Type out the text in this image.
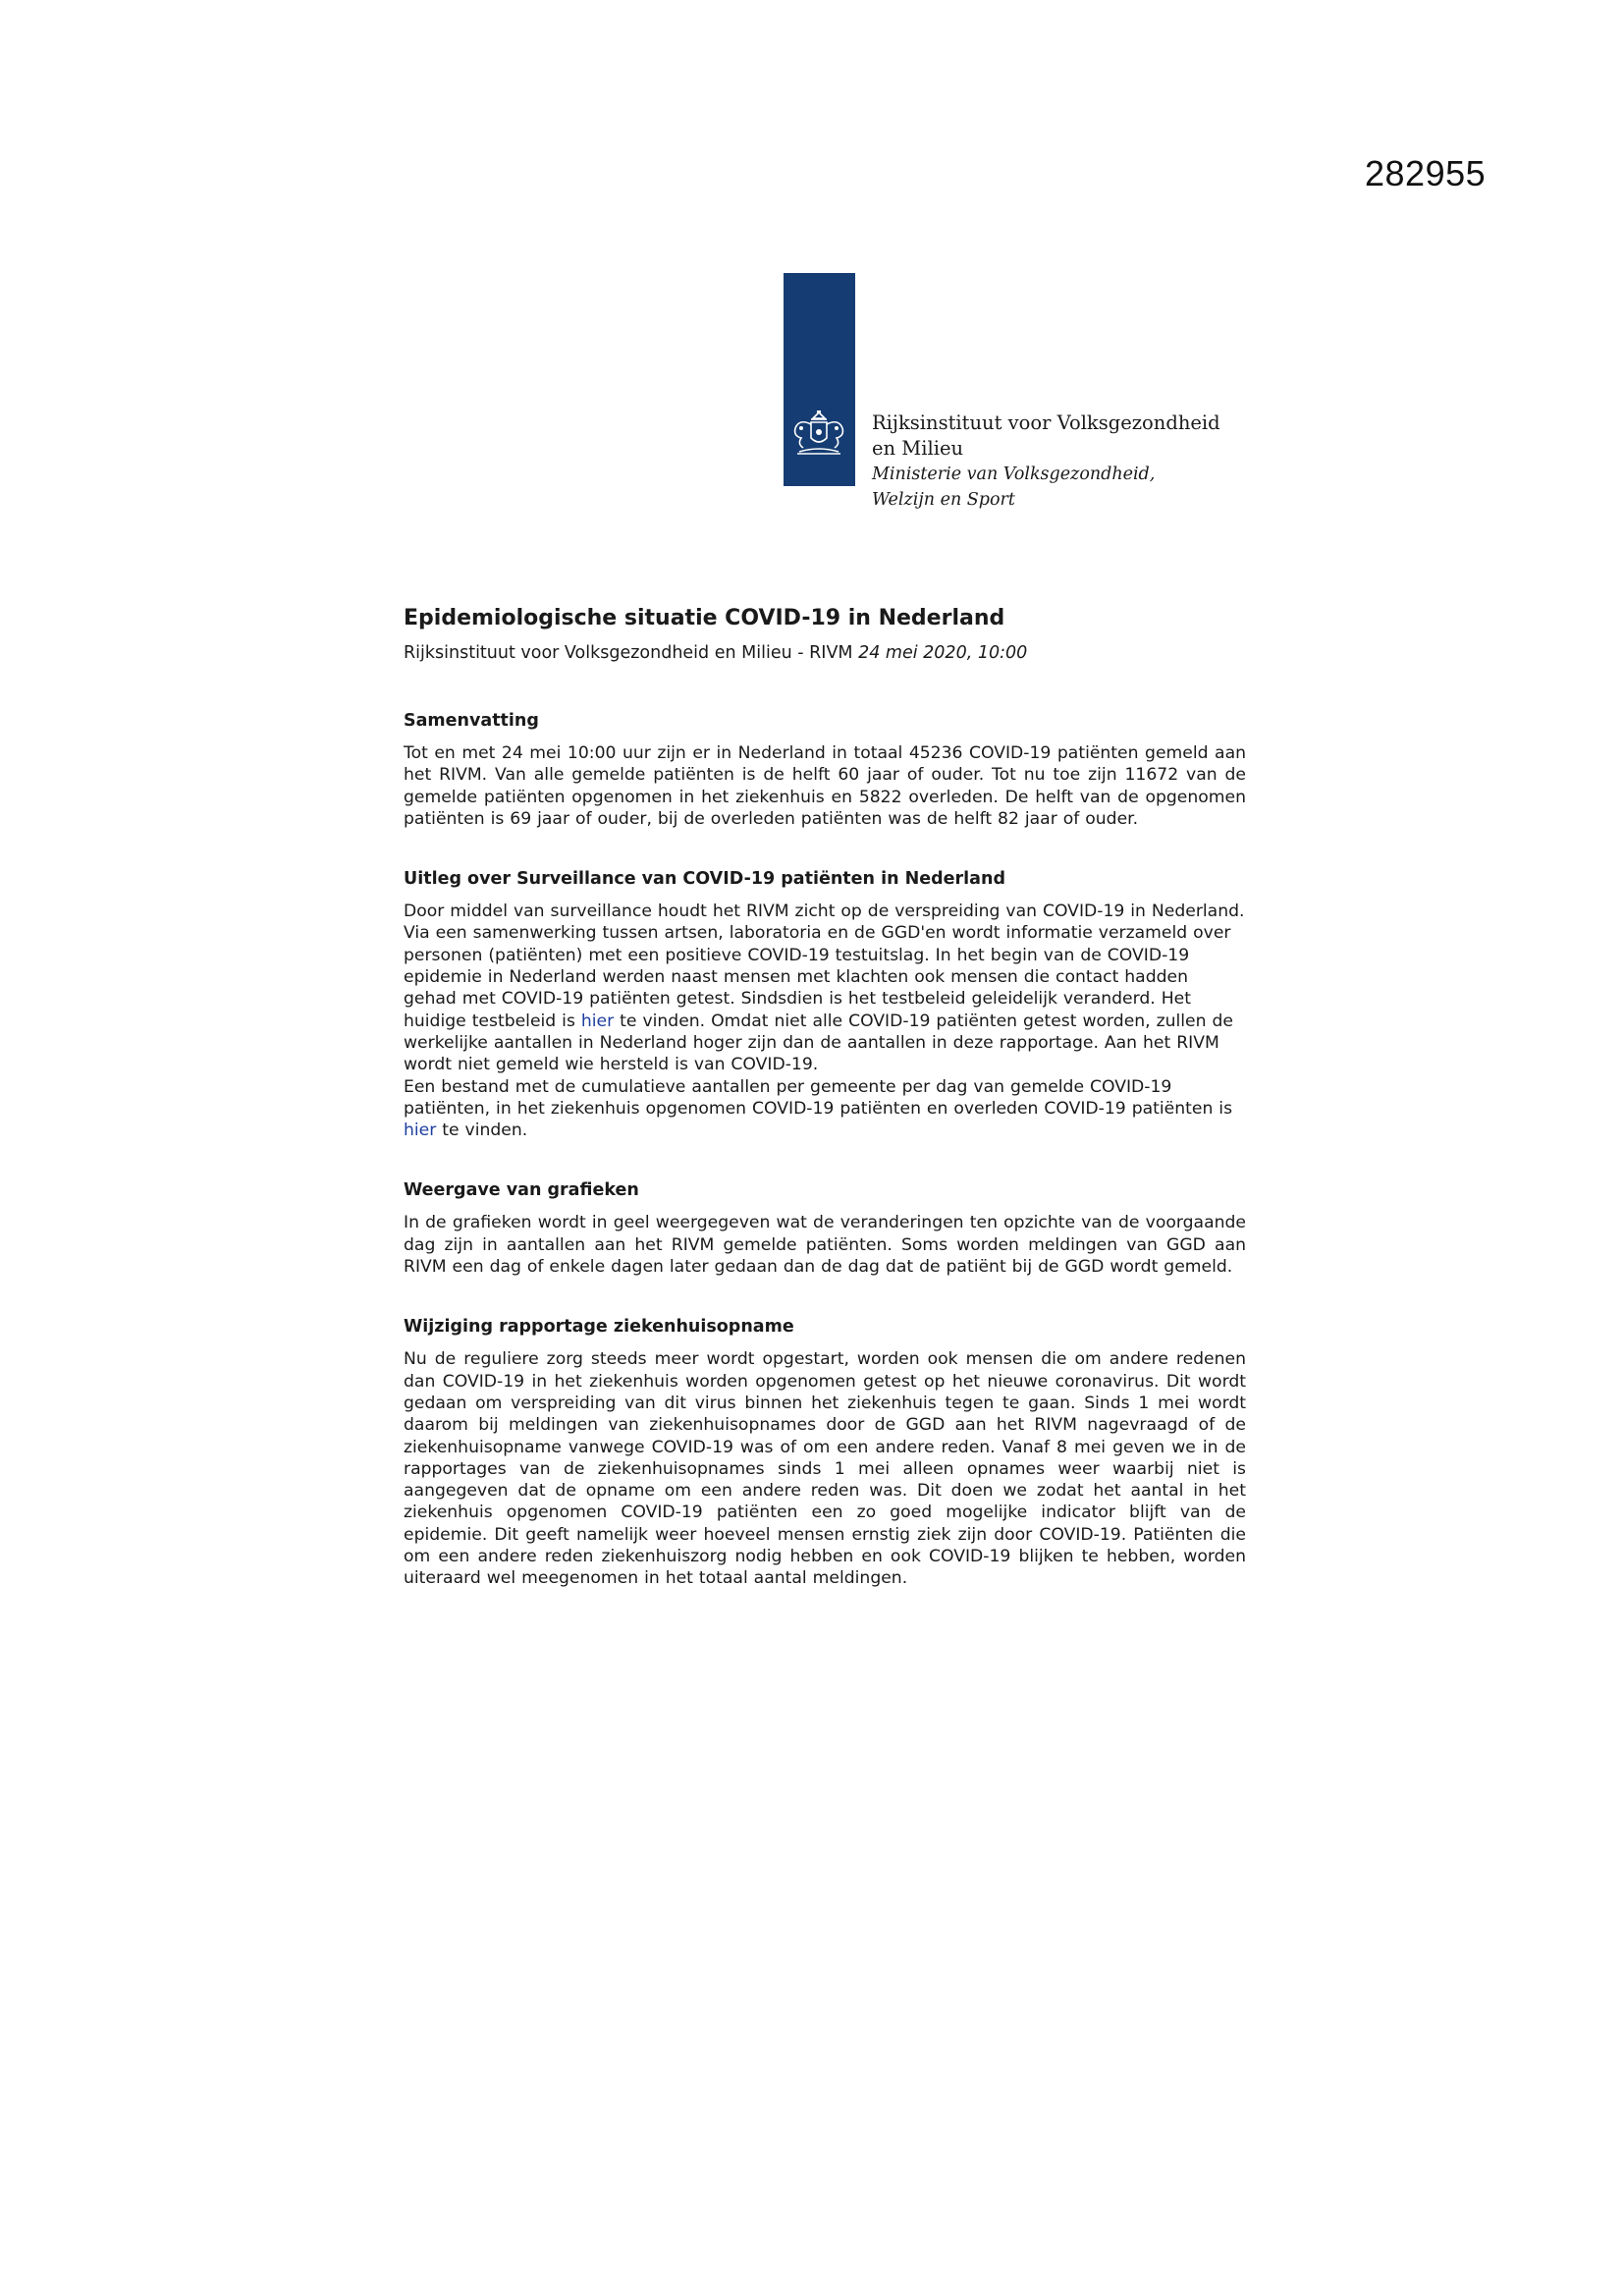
282955
Rijksinstituut voor Volksgezondheid
en Milieu
Ministerie van Volksgezondheid,
Welzijn en Sport
Epidemiologische situatie COVID-19 in Nederland

Rijksinstituut voor Volksgezondheid en Milieu - RIVM 24 mei 2020, 10:00

Samenvatting

Tot en met 24 mei 10:00 uur zijn er in Nederland in totaal 45236 COVID-19 patiënten gemeld aan het RIVM. Van alle gemelde patiënten is de helft 60 jaar of ouder. Tot nu toe zijn 11672 van de gemelde patiënten opgenomen in het ziekenhuis en 5822 overleden. De helft van de opgenomen patiënten is 69 jaar of ouder, bij de overleden patiënten was de helft 82 jaar of ouder.

Uitleg over Surveillance van COVID-19 patiënten in Nederland

Door middel van surveillance houdt het RIVM zicht op de verspreiding van COVID-19 in Nederland. Via een samenwerking tussen artsen, laboratoria en de GGD'en wordt informatie verzameld over personen (patiënten) met een positieve COVID-19 testuitslag. In het begin van de COVID-19 epidemie in Nederland werden naast mensen met klachten ook mensen die contact hadden gehad met COVID-19 patiënten getest. Sindsdien is het testbeleid geleidelijk veranderd. Het huidige testbeleid is hier te vinden. Omdat niet alle COVID-19 patiënten getest worden, zullen de werkelijke aantallen in Nederland hoger zijn dan de aantallen in deze rapportage. Aan het RIVM wordt niet gemeld wie hersteld is van COVID-19.
Een bestand met de cumulatieve aantallen per gemeente per dag van gemelde COVID-19 patiënten, in het ziekenhuis opgenomen COVID-19 patiënten en overleden COVID-19 patiënten is hier te vinden.

Weergave van grafieken

In de grafieken wordt in geel weergegeven wat de veranderingen ten opzichte van de voorgaande dag zijn in aantallen aan het RIVM gemelde patiënten. Soms worden meldingen van GGD aan RIVM een dag of enkele dagen later gedaan dan de dag dat de patiënt bij de GGD wordt gemeld.

Wijziging rapportage ziekenhuisopname

Nu de reguliere zorg steeds meer wordt opgestart, worden ook mensen die om andere redenen dan COVID-19 in het ziekenhuis worden opgenomen getest op het nieuwe coronavirus. Dit wordt gedaan om verspreiding van dit virus binnen het ziekenhuis tegen te gaan. Sinds 1 mei wordt daarom bij meldingen van ziekenhuisopnames door de GGD aan het RIVM nagevraagd of de ziekenhuisopname vanwege COVID-19 was of om een andere reden. Vanaf 8 mei geven we in de rapportages van de ziekenhuisopnames sinds 1 mei alleen opnames weer waarbij niet is aangegeven dat de opname om een andere reden was. Dit doen we zodat het aantal in het ziekenhuis opgenomen COVID-19 patiënten een zo goed mogelijke indicator blijft van de epidemie. Dit geeft namelijk weer hoeveel mensen ernstig ziek zijn door COVID-19. Patiënten die om een andere reden ziekenhuiszorg nodig hebben en ook COVID-19 blijken te hebben, worden uiteraard wel meegenomen in het totaal aantal meldingen.
